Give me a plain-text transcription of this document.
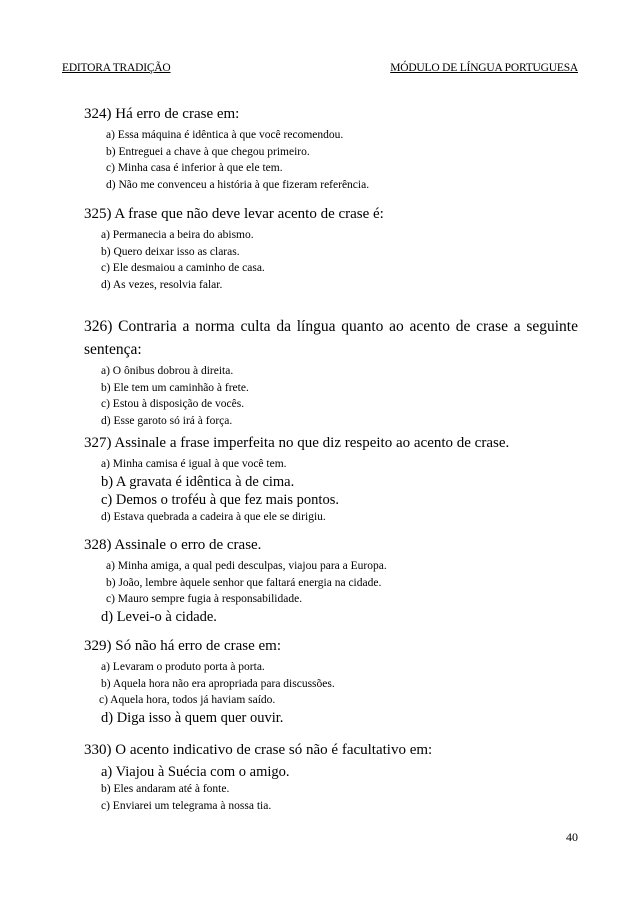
EDITORA TRADIÇÃO	MÓDULO DE LÍNGUA PORTUGUESA
324) Há erro de crase em:
a) Essa máquina é idêntica à que você recomendou.
b) Entreguei a chave à que chegou primeiro.
c) Minha casa é inferior à que ele tem.
d) Não me convenceu a história à que fizeram referência.
325) A frase que não deve levar acento de crase é:
a) Permanecia a beira do abismo.
b) Quero deixar isso as claras.
c) Ele desmaiou a caminho de casa.
d) As vezes, resolvia falar.
326) Contraria a norma culta da língua quanto ao acento de crase a seguinte sentença:
a) O ônibus dobrou à direita.
b) Ele tem um caminhão à frete.
c) Estou à disposição de vocês.
d) Esse garoto só irá à força.
327) Assinale a frase imperfeita no que diz respeito ao acento de crase.
a) Minha camisa é igual à que você tem.
b) A gravata é idêntica à de cima.
c) Demos o troféu à que fez mais pontos.
d) Estava quebrada a cadeira à que ele se dirigiu.
328) Assinale o erro de crase.
a) Minha amiga, a qual pedi desculpas, viajou para a Europa.
b) João, lembre àquele senhor que faltará energia na cidade.
c) Mauro sempre fugia à responsabilidade.
d) Levei-o à cidade.
329) Só não há erro de crase em:
a) Levaram o produto porta à porta.
b) Aquela hora não era apropriada para discussões.
c) Aquela hora, todos já haviam saído.
d) Diga isso à quem quer ouvir.
330) O acento indicativo de crase só não é facultativo em:
a) Viajou à Suécia com o amigo.
b) Eles andaram até à fonte.
c) Enviarei um telegrama à nossa tia.
40
